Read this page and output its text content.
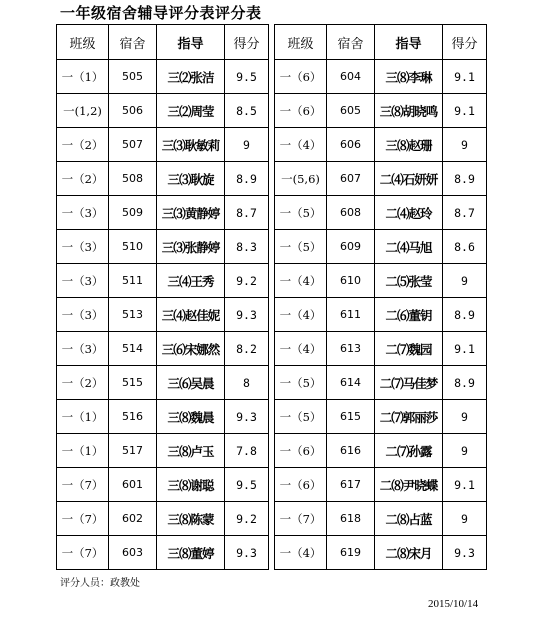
一年级宿舍辅导评分表评分表
班级	宿舍	指导	得分
一（1）	505	三⑵张洁	9.5
一(1,2)	506	三⑵周莹	8.5
一（2）	507	三⑶耿敏莉	9
一（2）	508	三⑶耿旋	8.9
一（3）	509	三⑶黄静婷	8.7
一（3）	510	三⑶张静婷	8.3
一（3）	511	三⑷王秀	9.2
一（3）	513	三⑷赵佳妮	9.3
一（3）	514	三⑹宋娜然	8.2
一（2）	515	三⑹吴晨	8
一（1）	516	三⑻魏晨	9.3
一（1）	517	三⑻卢玉	7.8
一（7）	601	三⑻谢聪	9.5
一（7）	602	三⑻陈蒙	9.2
一（7）	603	三⑻董婷	9.3
班级	宿舍	指导	得分
一（6）	604	三⑻李琳	9.1
一（6）	605	三⑻胡晓鸣	9.1
一（4）	606	三⑻赵珊	9
一(5,6)	607	二⑷石妍妍	8.9
一（5）	608	二⑷赵玲	8.7
一（5）	609	二⑷马旭	8.6
一（4）	610	二⑸张莹	9
一（4）	611	二⑹董钥	8.9
一（4）	613	二⑺魏园	9.1
一（5）	614	二⑺马佳梦	8.9
一（5）	615	二⑺郭丽莎	9
一（6）	616	二⑺孙露	9
一（6）	617	二⑻尹晓蝶	9.1
一（7）	618	二⑻占蓝	9
一（4）	619	二⑻宋月	9.3
评分人员：政教处
2015/10/14
